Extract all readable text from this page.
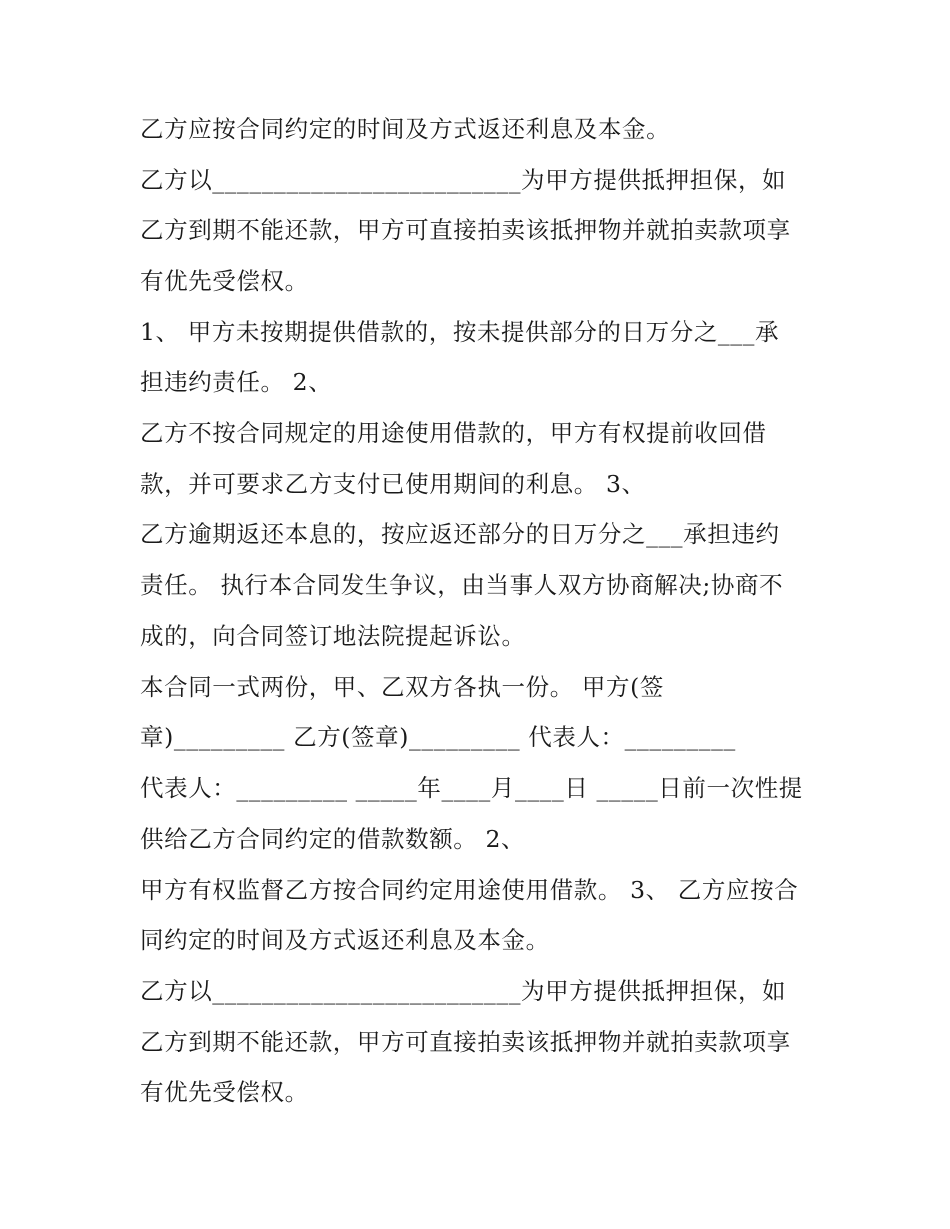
乙方应按合同约定的时间及方式返还利息及本金。

乙方以_________________________为甲方提供抵押担保，如

乙方到期不能还款，甲方可直接拍卖该抵押物并就拍卖款项享

有优先受偿权。

1、 甲方未按期提供借款的，按未提供部分的日万分之___承

担违约责任。 2、

乙方不按合同规定的用途使用借款的，甲方有权提前收回借

款，并可要求乙方支付已使用期间的利息。 3、

乙方逾期返还本息的，按应返还部分的日万分之___承担违约

责任。 执行本合同发生争议，由当事人双方协商解决;协商不

成的，向合同签订地法院提起诉讼。

本合同一式两份，甲、乙双方各执一份。 甲方(签

章)_________ 乙方(签章)_________ 代表人：_________

代表人：_________ _____年____月____日 _____日前一次性提

供给乙方合同约定的借款数额。 2、

甲方有权监督乙方按合同约定用途使用借款。 3、 乙方应按合

同约定的时间及方式返还利息及本金。

乙方以_________________________为甲方提供抵押担保，如

乙方到期不能还款，甲方可直接拍卖该抵押物并就拍卖款项享

有优先受偿权。
